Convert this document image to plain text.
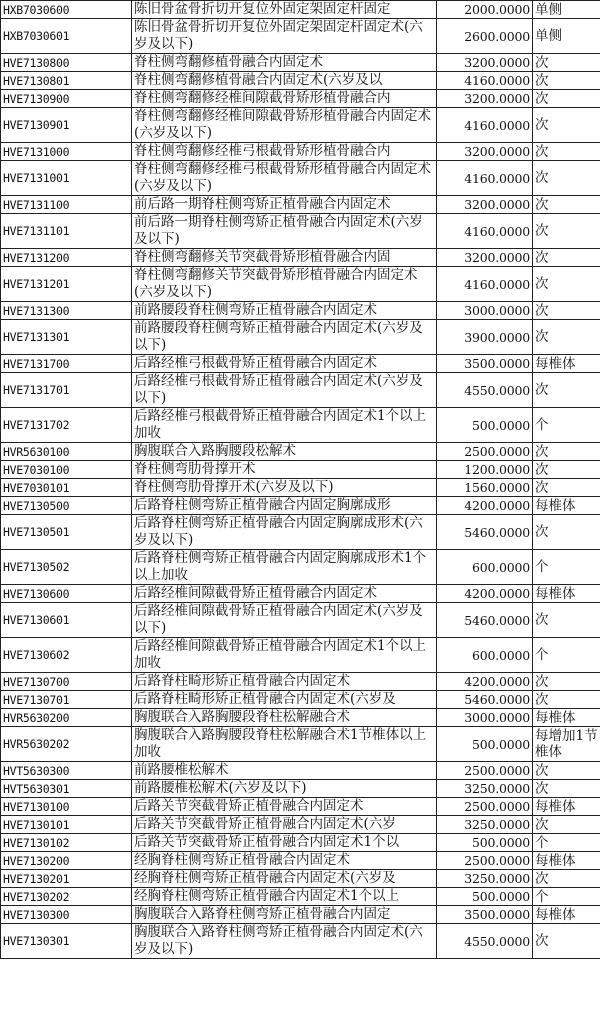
HXB7030600	陈旧骨盆骨折切开复位外固定架固定杆固定	2000.0000	单侧
HXB7030601	陈旧骨盆骨折切开复位外固定架固定杆固定术(六岁及以下)	2600.0000	单侧
HVE7130800	脊柱侧弯翻修植骨融合内固定术	3200.0000	次
HVE7130801	脊柱侧弯翻修植骨融合内固定术(六岁及以	4160.0000	次
HVE7130900	脊柱侧弯翻修经椎间隙截骨矫形植骨融合内	3200.0000	次
HVE7130901	脊柱侧弯翻修经椎间隙截骨矫形植骨融合内固定术(六岁及以下)	4160.0000	次
HVE7131000	脊柱侧弯翻修经椎弓根截骨矫形植骨融合内	3200.0000	次
HVE7131001	脊柱侧弯翻修经椎弓根截骨矫形植骨融合内固定术(六岁及以下)	4160.0000	次
HVE7131100	前后路一期脊柱侧弯矫正植骨融合内固定术	3200.0000	次
HVE7131101	前后路一期脊柱侧弯矫正植骨融合内固定术(六岁及以下)	4160.0000	次
HVE7131200	脊柱侧弯翻修关节突截骨矫形植骨融合内固	3200.0000	次
HVE7131201	脊柱侧弯翻修关节突截骨矫形植骨融合内固定术(六岁及以下)	4160.0000	次
HVE7131300	前路腰段脊柱侧弯矫正植骨融合内固定术	3000.0000	次
HVE7131301	前路腰段脊柱侧弯矫正植骨融合内固定术(六岁及以下)	3900.0000	次
HVE7131700	后路经椎弓根截骨矫正植骨融合内固定术	3500.0000	每椎体
HVE7131701	后路经椎弓根截骨矫正植骨融合内固定术(六岁及以下)	4550.0000	次
HVE7131702	后路经椎弓根截骨矫正植骨融合内固定术1个以上加收	500.0000	个
HVR5630100	胸腹联合入路胸腰段松解术	2500.0000	次
HVE7030100	脊柱侧弯肋骨撑开术	1200.0000	次
HVE7030101	脊柱侧弯肋骨撑开术(六岁及以下)	1560.0000	次
HVE7130500	后路脊柱侧弯矫正植骨融合内固定胸廓成形	4200.0000	每椎体
HVE7130501	后路脊柱侧弯矫正植骨融合内固定胸廓成形术(六岁及以下)	5460.0000	次
HVE7130502	后路脊柱侧弯矫正植骨融合内固定胸廓成形术1个以上加收	600.0000	个
HVE7130600	后路经椎间隙截骨矫正植骨融合内固定术	4200.0000	每椎体
HVE7130601	后路经椎间隙截骨矫正植骨融合内固定术(六岁及以下)	5460.0000	次
HVE7130602	后路经椎间隙截骨矫正植骨融合内固定术1个以上加收	600.0000	个
HVE7130700	后路脊柱畸形矫正植骨融合内固定术	4200.0000	次
HVE7130701	后路脊柱畸形矫正植骨融合内固定术(六岁及	5460.0000	次
HVR5630200	胸腹联合入路胸腰段脊柱松解融合术	3000.0000	每椎体
HVR5630202	胸腹联合入路胸腰段脊柱松解融合术1节椎体以上加收	500.0000	每增加1节椎体
HVT5630300	前路腰椎松解术	2500.0000	次
HVT5630301	前路腰椎松解术(六岁及以下)	3250.0000	次
HVE7130100	后路关节突截骨矫正植骨融合内固定术	2500.0000	每椎体
HVE7130101	后路关节突截骨矫正植骨融合内固定术(六岁	3250.0000	次
HVE7130102	后路关节突截骨矫正植骨融合内固定术1个以	500.0000	个
HVE7130200	经胸脊柱侧弯矫正植骨融合内固定术	2500.0000	每椎体
HVE7130201	经胸脊柱侧弯矫正植骨融合内固定术(六岁及	3250.0000	次
HVE7130202	经胸脊柱侧弯矫正植骨融合内固定术1个以上	500.0000	个
HVE7130300	胸腹联合入路脊柱侧弯矫正植骨融合内固定	3500.0000	每椎体
HVE7130301	胸腹联合入路脊柱侧弯矫正植骨融合内固定术(六岁及以下)	4550.0000	次
